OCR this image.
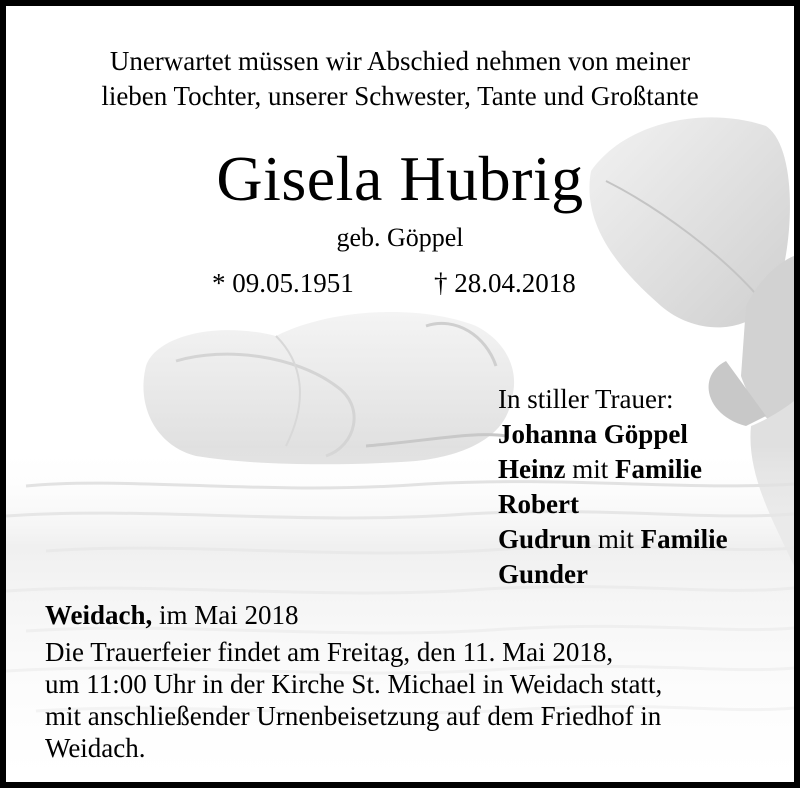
Unerwartet müssen wir Abschied nehmen von meiner
lieben Tochter, unserer Schwester, Tante und Großtante
Gisela Hubrig
geb. Göppel
* 09.05.1951	† 28.04.2018
In stiller Trauer:
Johanna Göppel
Heinz mit Familie
Robert
Gudrun mit Familie
Gunder
Weidach, im Mai 2018
Die Trauerfeier findet am Freitag, den 11. Mai 2018,
um 11:00 Uhr in der Kirche St. Michael in Weidach statt,
mit anschließender Urnenbeisetzung auf dem Friedhof in
Weidach.
